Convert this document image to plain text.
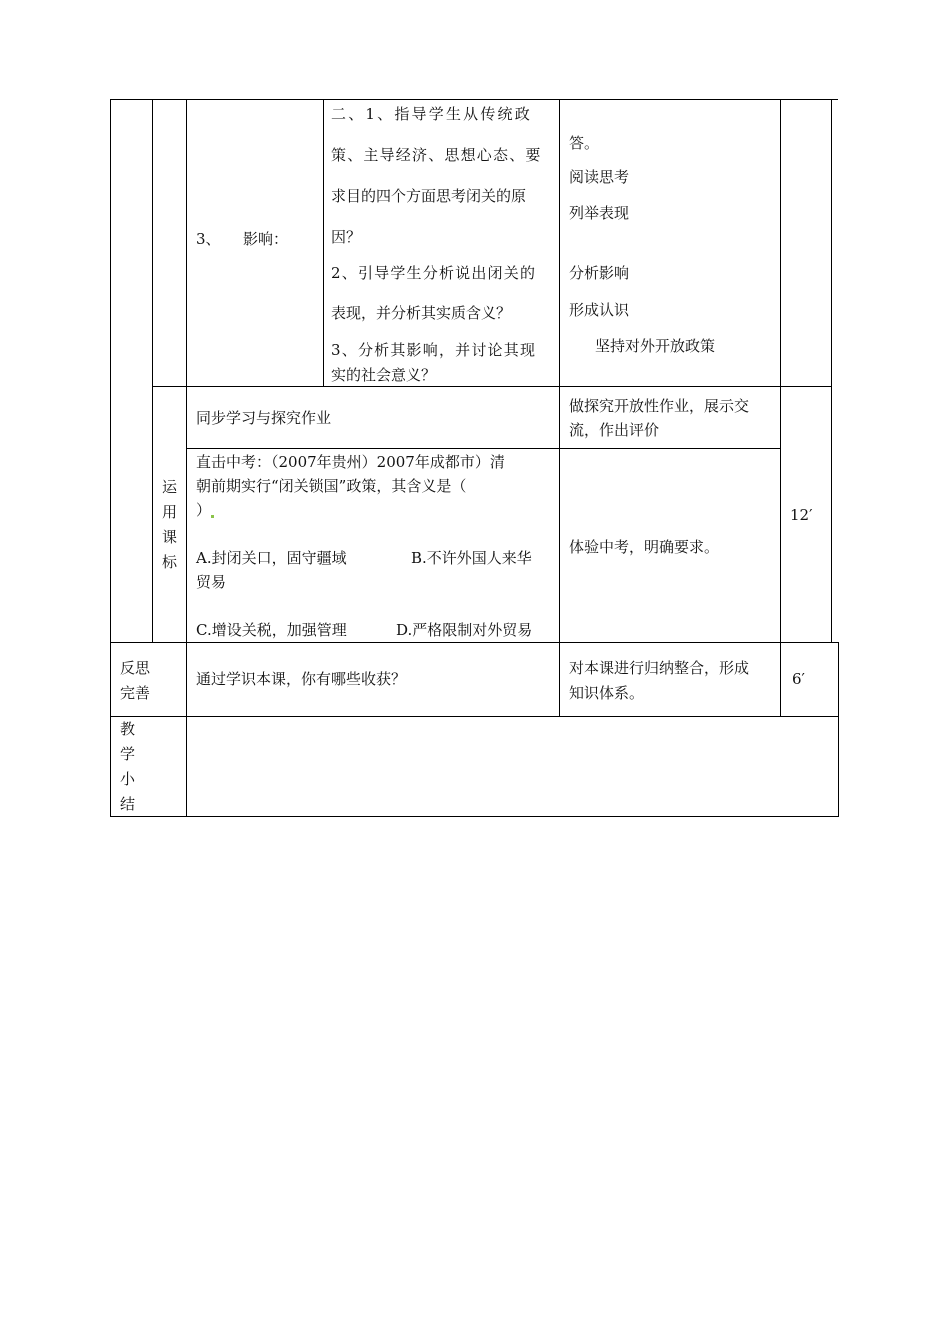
3、　　影响：
二、1、指导学生从传统政
策、主导经济、思想心态、要
求目的四个方面思考闭关的原
因？
2、引导学生分析说出闭关的
表现，并分析其实质含义？
3、分析其影响，并讨论其现
实的社会意义？
答。
阅读思考
列举表现
分析影响
形成认识
坚持对外开放政策
运
用
课
标
同步学习与探究作业
做探究开放性作业，展示交
流，作出评价
直击中考：（2007年贵州）2007年成都市）清
朝前期实行“闭关锁国”政策，其含义是（
）
A.封闭关口，固守疆域	B.不许外国人来华
贸易
C.增设关税，加强管理	D.严格限制对外贸易
体验中考，明确要求。
12′
反思
完善
通过学识本课，你有哪些收获？
对本课进行归纳整合，形成
知识体系。
6′
教
学
小
结
